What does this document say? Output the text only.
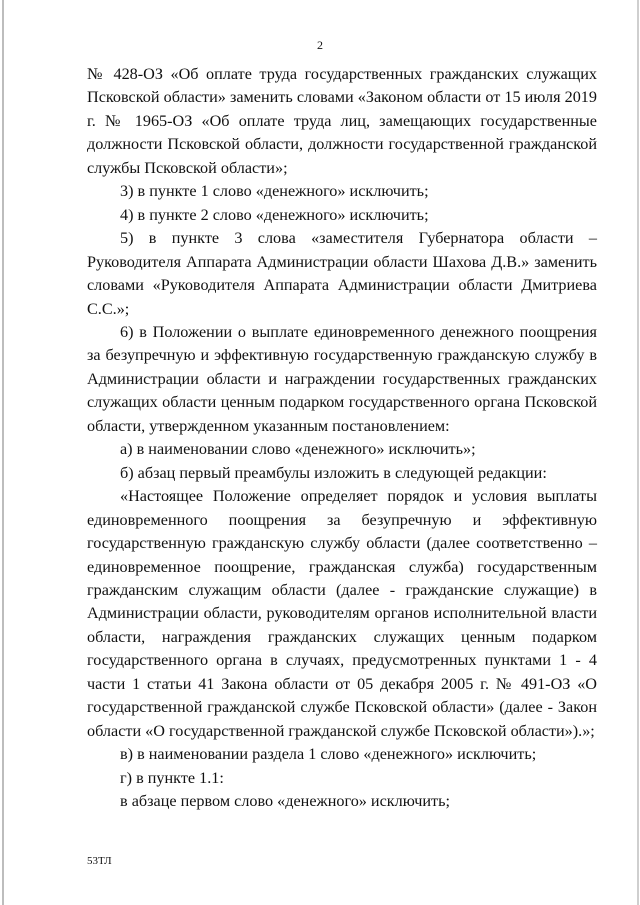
2

№ 428-ОЗ «Об оплате труда государственных гражданских служащих Псковской области» заменить словами «Законом области от 15 июля 2019 г. № 1965-ОЗ «Об оплате труда лиц, замещающих государственные должности Псковской области, должности государственной гражданской службы Псковской области»;

3) в пункте 1 слово «денежного» исключить;

4) в пункте 2 слово «денежного» исключить;

5) в пункте 3 слова «заместителя Губернатора области – Руководителя Аппарата Администрации области Шахова Д.В.» заменить словами «Руководителя Аппарата Администрации области Дмитриева С.С.»;

6) в Положении о выплате единовременного денежного поощрения за безупречную и эффективную государственную гражданскую службу в Администрации области и награждении государственных гражданских служащих области ценным подарком государственного органа Псковской области, утвержденном указанным постановлением:

а) в наименовании слово «денежного» исключить»;

б) абзац первый преамбулы изложить в следующей редакции:

«Настоящее Положение определяет порядок и условия выплаты единовременного поощрения за безупречную и эффективную государственную гражданскую службу области (далее соответственно – единовременное поощрение, гражданская служба) государственным гражданским служащим области (далее - гражданские служащие) в Администрации области, руководителям органов исполнительной власти области, награждения гражданских служащих ценным подарком государственного органа в случаях, предусмотренных пунктами 1 - 4 части 1 статьи 41 Закона области от 05 декабря 2005 г. № 491-ОЗ «О государственной гражданской службе Псковской области» (далее - Закон области «О государственной гражданской службе Псковской области»).»;

в) в наименовании раздела 1 слово «денежного» исключить;

г) в пункте 1.1:

в абзаце первом слово «денежного» исключить;

53ТЛ
